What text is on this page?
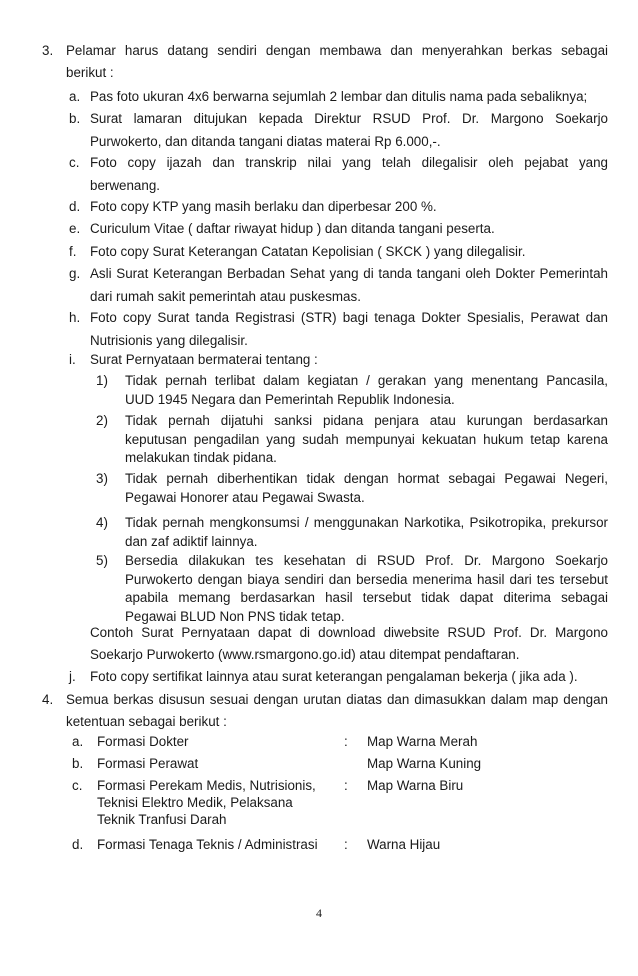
3. Pelamar harus datang sendiri dengan membawa dan menyerahkan berkas sebagai
berikut :
a. Pas foto ukuran 4x6 berwarna sejumlah 2 lembar dan ditulis nama pada sebaliknya;
b. Surat lamaran ditujukan kepada Direktur RSUD Prof. Dr. Margono Soekarjo
Purwokerto, dan ditanda tangani diatas materai Rp 6.000,-.
c. Foto copy ijazah dan transkrip nilai yang telah dilegalisir oleh pejabat yang
berwenang.
d. Foto copy KTP yang masih berlaku dan diperbesar 200 %.
e. Curiculum Vitae ( daftar riwayat hidup ) dan ditanda tangani peserta.
f. Foto copy Surat Keterangan Catatan Kepolisian ( SKCK ) yang dilegalisir.
g. Asli Surat Keterangan Berbadan Sehat yang di tanda tangani oleh Dokter Pemerintah
dari rumah sakit pemerintah atau puskesmas.
h. Foto copy Surat tanda Registrasi (STR) bagi tenaga Dokter Spesialis, Perawat dan
Nutrisionis yang dilegalisir.
i. Surat Pernyataan bermaterai tentang :
1) Tidak pernah terlibat dalam kegiatan / gerakan yang menentang Pancasila,
UUD 1945 Negara dan Pemerintah Republik Indonesia.
2) Tidak pernah dijatuhi sanksi pidana penjara atau kurungan berdasarkan
keputusan pengadilan yang sudah mempunyai kekuatan hukum tetap karena
melakukan tindak pidana.
3) Tidak pernah diberhentikan tidak dengan hormat sebagai Pegawai Negeri,
Pegawai Honorer atau Pegawai Swasta.
4) Tidak pernah mengkonsumsi / menggunakan Narkotika, Psikotropika, prekursor
dan zaf adiktif lainnya.
5) Bersedia dilakukan tes kesehatan di RSUD Prof. Dr. Margono Soekarjo
Purwokerto dengan biaya sendiri dan bersedia menerima hasil dari tes tersebut
apabila memang berdasarkan hasil tersebut tidak dapat diterima sebagai
Pegawai BLUD Non PNS tidak tetap.
Contoh Surat Pernyataan dapat di download diwebsite RSUD Prof. Dr. Margono
Soekarjo Purwokerto (www.rsmargono.go.id) atau ditempat pendaftaran.
j. Foto copy sertifikat lainnya atau surat keterangan pengalaman bekerja ( jika ada ).
4. Semua berkas disusun sesuai dengan urutan diatas dan dimasukkan dalam map dengan
ketentuan sebagai berikut :
a. Formasi Dokter	: Map Warna Merah
b. Formasi Perawat	Map Warna Kuning
c. Formasi Perekam Medis, Nutrisionis,
Teknisi Elektro Medik, Pelaksana
Teknik Tranfusi Darah
: Map Warna Biru
d. Formasi Tenaga Teknis / Administrasi : Warna Hijau
4
